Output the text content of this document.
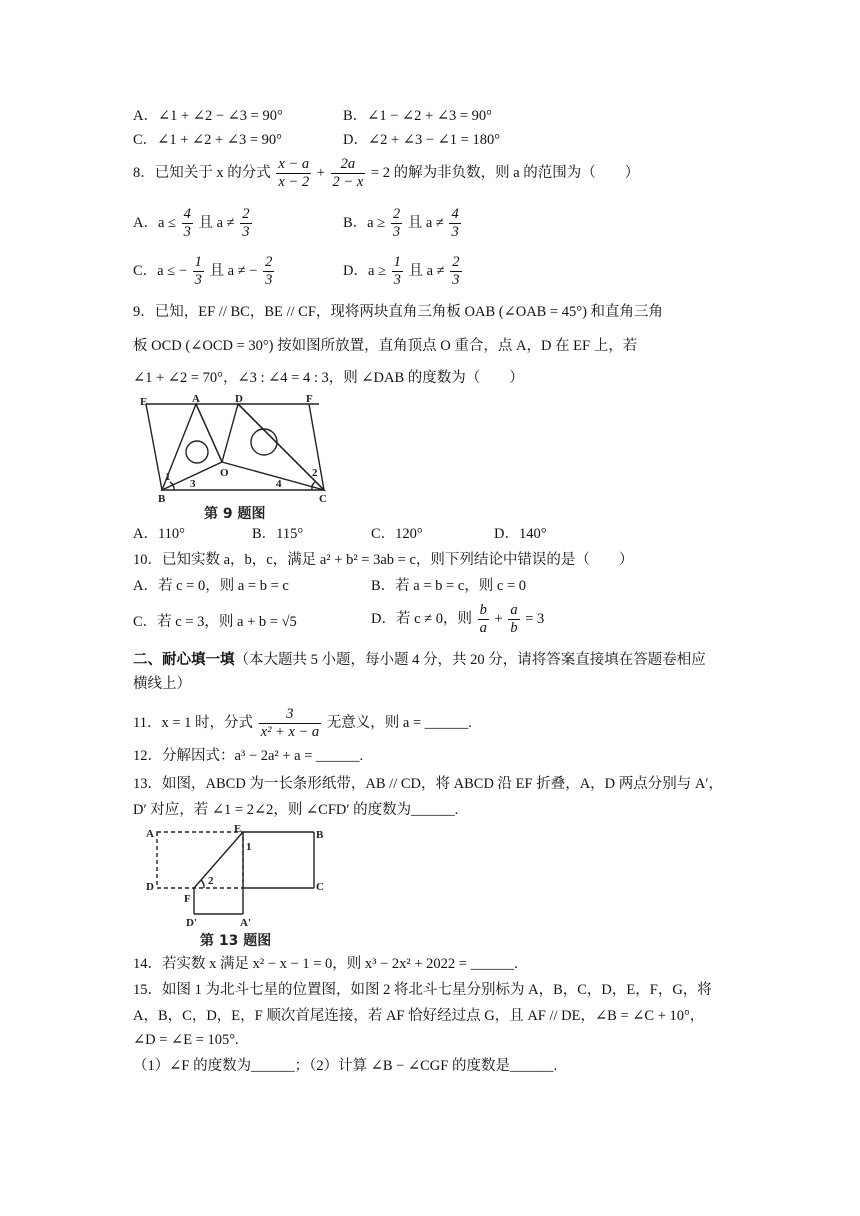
A．∠1 + ∠2 − ∠3 = 90°	B．∠1 − ∠2 + ∠3 = 90°
C．∠1 + ∠2 + ∠3 = 90°	D．∠2 + ∠3 − ∠1 = 180°
8．已知关于 x 的分式 $\frac{x - a}{x - 2} + \frac{2a}{2 - x} = 2$ 的解为非负数，则 a 的范围为（　　）
A．$a \le \frac{4}{3}$ 且 $a \ne \frac{2}{3}$	B．$a \ge \frac{2}{3}$ 且 $a \ne \frac{4}{3}$
C．a ≤ − $\frac{1}{3}$ 且 a ≠ − $\frac{2}{3}$	D．$a \ge \frac{1}{3}$ 且 $a \ne \frac{2}{3}$
9．已知，EF // BC，BE // CF，现将两块直角三角板 OAB (∠OAB = 45°) 和直角三角
板 OCD (∠OCD = 30°) 按如图所放置，直角顶点 O 重合，点 A，D 在 EF 上，若
∠1 + ∠2 = 70°，∠3 : ∠4 = 4 : 3，则 ∠DAB 的度数为（　　）
E	A	D	F
B	C
O
1	2
3	4
第 9 题图
A．110°	B．115°	C．120°	D．140°
10．已知实数 a，b，c，满足 a² + b² = 3ab = c，则下列结论中错误的是（　　）
A．若 c = 0，则 a = b = c	B．若 a = b = c，则 c = 0
C．若 c = 3，则 a + b = √5	D．若 c ≠ 0，则 $\frac{b}{a} + \frac{a}{b} = 3$
二、耐心填一填（本大题共 5 小题，每小题 4 分，共 20 分，请将答案直接填在答题卷相应
横线上）
11．x = 1 时，分式 $\frac{3}{\text{x² + x − a}}$ 无意义，则 a = ______.
12．分解因式：a³ − 2a² + a = ______.
13．如图，ABCD 为一长条形纸带，AB // CD，将 ABCD 沿 EF 折叠，A，D 两点分别与 A′，
D′ 对应，若 ∠1 = 2∠2，则 ∠CFD′ 的度数为______.
A	E	B
D
F
C
D'	A'
1
2
第 13 题图
14．若实数 x 满足 x² − x − 1 = 0，则 x³ − 2x² + 2022 = ______.
15．如图 1 为北斗七星的位置图，如图 2 将北斗七星分别标为 A，B，C，D，E，F，G，将
A，B，C，D，E，F 顺次首尾连接，若 AF 恰好经过点 G，且 AF // DE，∠B = ∠C + 10°，
∠D = ∠E = 105°.
（1）∠F 的度数为______；（2）计算 ∠B − ∠CGF 的度数是______.
